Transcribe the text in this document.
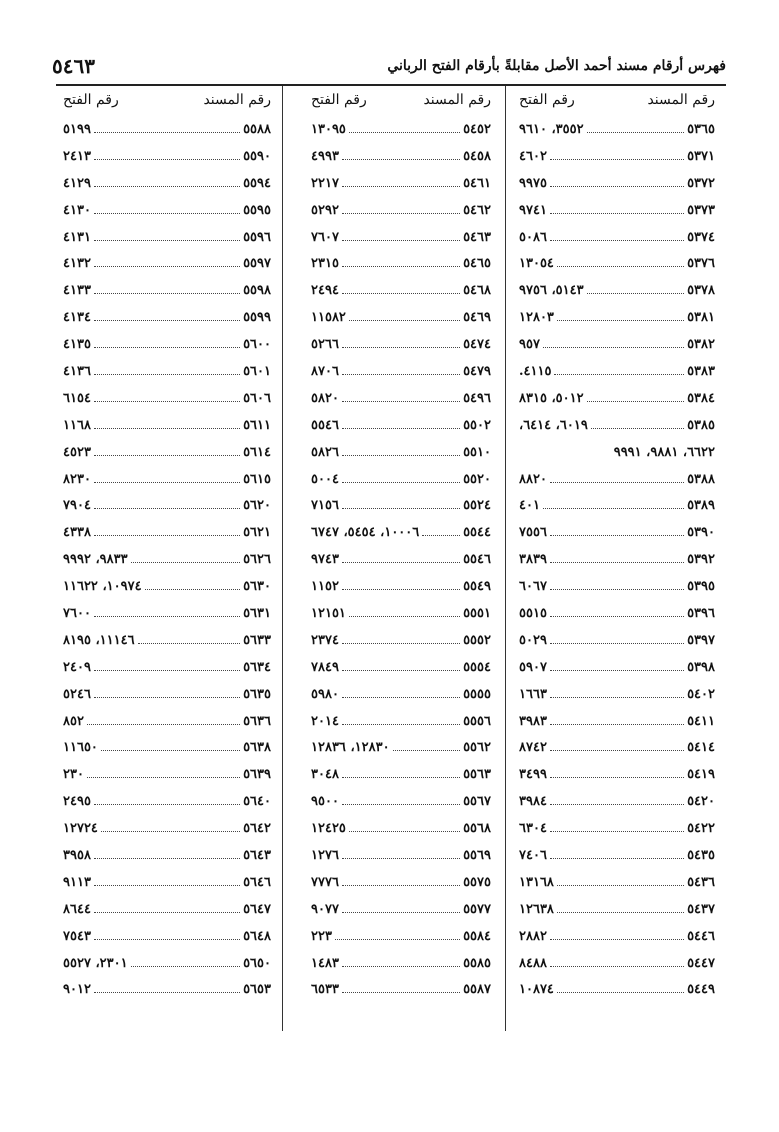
٥٤٦٣	فهرس أرقام مسند أحمد الأصل مقابلةً بأرقام الفتح الرباني
رقم المسند
رقم الفتح
٥٣٦٥
٣٥٥٢، ٩٦١٠
٥٣٧١
٤٦٠٢
٥٣٧٢
٩٩٧٥
٥٣٧٣
٩٧٤١
٥٣٧٤
٥٠٨٦
٥٣٧٦
١٣٠٥٤
٥٣٧٨
٥١٤٣، ٩٧٥٦
٥٣٨١
١٢٨٠٣
٥٣٨٢
٩٥٧
٥٣٨٣
٤١١٥.
٥٣٨٤
٥٠١٢، ٨٣١٥
٥٣٨٥
٦٠١٩، ٦٤١٤،
٦٦٢٢، ٩٨٨١، ٩٩٩١
٥٣٨٨
٨٨٢٠
٥٣٨٩
٤٠١
٥٣٩٠
٧٥٥٦
٥٣٩٢
٣٨٣٩
٥٣٩٥
٦٠٦٧
٥٣٩٦
٥٥١٥
٥٣٩٧
٥٠٢٩
٥٣٩٨
٥٩٠٧
٥٤٠٢
١٦٦٣
٥٤١١
٣٩٨٣
٥٤١٤
٨٧٤٢
٥٤١٩
٣٤٩٩
٥٤٢٠
٣٩٨٤
٥٤٢٢
٦٣٠٤
٥٤٣٥
٧٤٠٦
٥٤٣٦
١٣١٦٨
٥٤٣٧
١٢٦٣٨
٥٤٤٦
٢٨٨٢
٥٤٤٧
٨٤٨٨
٥٤٤٩
١٠٨٧٤
رقم المسند
رقم الفتح
٥٤٥٢
١٣٠٩٥
٥٤٥٨
٤٩٩٣
٥٤٦١
٢٢١٧
٥٤٦٢
٥٢٩٢
٥٤٦٣
٧٦٠٧
٥٤٦٥
٢٣١٥
٥٤٦٨
٢٤٩٤
٥٤٦٩
١١٥٨٢
٥٤٧٤
٥٢٦٦
٥٤٧٩
٨٧٠٦
٥٤٩٦
٥٨٢٠
٥٥٠٢
٥٥٤٦
٥٥١٠
٥٨٢٦
٥٥٢٠
٥٠٠٤
٥٥٢٤
٧١٥٦
٥٥٤٤
١٠٠٠٦، ٥٤٥٤، ٦٧٤٧
٥٥٤٦
٩٧٤٣
٥٥٤٩
١١٥٢
٥٥٥١
١٢١٥١
٥٥٥٢
٢٣٧٤
٥٥٥٤
٧٨٤٩
٥٥٥٥
٥٩٨٠
٥٥٥٦
٢٠١٤
٥٥٦٢
١٢٨٣٠، ١٢٨٣٦
٥٥٦٣
٣٠٤٨
٥٥٦٧
٩٥٠٠
٥٥٦٨
١٢٤٢٥
٥٥٦٩
١٢٧٦
٥٥٧٥
٧٧٧٦
٥٥٧٧
٩٠٧٧
٥٥٨٤
٢٢٣
٥٥٨٥
١٤٨٣
٥٥٨٧
٦٥٣٣
رقم المسند
رقم الفتح
٥٥٨٨
٥١٩٩
٥٥٩٠
٢٤١٣
٥٥٩٤
٤١٢٩
٥٥٩٥
٤١٣٠
٥٥٩٦
٤١٣١
٥٥٩٧
٤١٣٢
٥٥٩٨
٤١٣٣
٥٥٩٩
٤١٣٤
٥٦٠٠
٤١٣٥
٥٦٠١
٤١٣٦
٥٦٠٦
٦١٥٤
٥٦١١
١١٦٨
٥٦١٤
٤٥٢٣
٥٦١٥
٨٢٣٠
٥٦٢٠
٧٩٠٤
٥٦٢١
٤٣٣٨
٥٦٢٦
٩٨٣٣، ٩٩٩٢
٥٦٣٠
١٠٩٧٤، ١١٦٢٢
٥٦٣١
٧٦٠٠
٥٦٣٣
١١١٤٦، ٨١٩٥
٥٦٣٤
٢٤٠٩
٥٦٣٥
٥٢٤٦
٥٦٣٦
٨٥٢
٥٦٣٨
١١٦٥٠
٥٦٣٩
٢٣٠
٥٦٤٠
٢٤٩٥
٥٦٤٢
١٢٧٢٤
٥٦٤٣
٣٩٥٨
٥٦٤٦
٩١١٣
٥٦٤٧
٨٦٤٤
٥٦٤٨
٧٥٤٣
٥٦٥٠
٢٣٠١، ٥٥٢٧
٥٦٥٣
٩٠١٢
